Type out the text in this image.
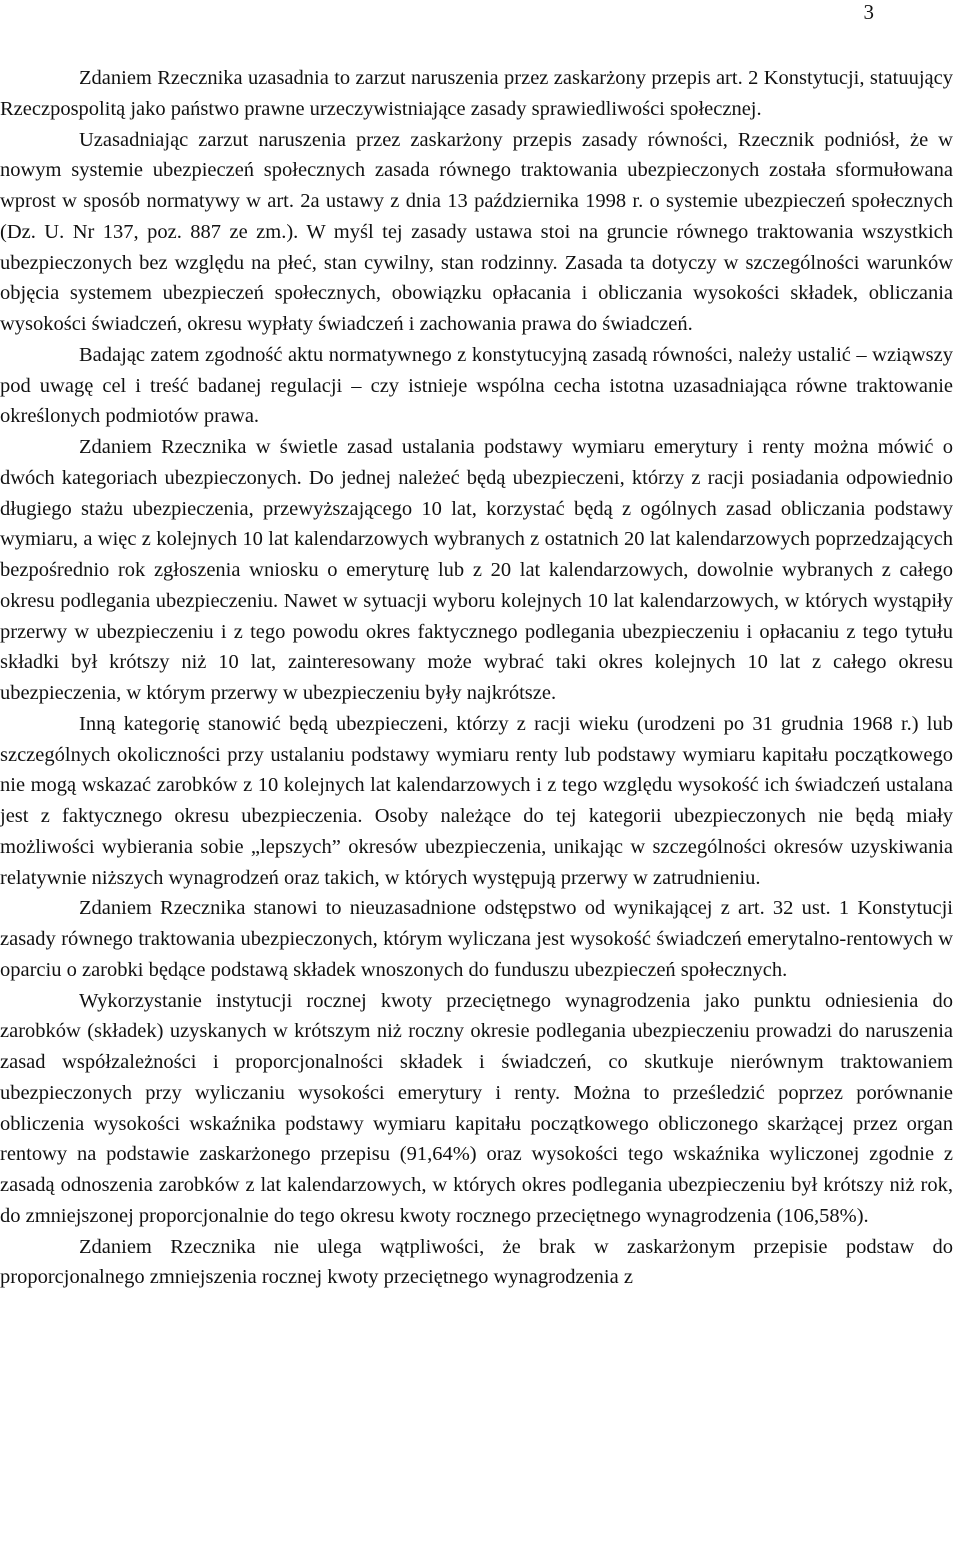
3

Zdaniem Rzecznika uzasadnia to zarzut naruszenia przez zaskarżony przepis art. 2 Konstytucji, statuujący Rzeczpospolitą jako państwo prawne urzeczywistniające zasady sprawiedliwości społecznej.

Uzasadniając zarzut naruszenia przez zaskarżony przepis zasady równości, Rzecznik podniósł, że w nowym systemie ubezpieczeń społecznych zasada równego traktowania ubezpieczonych została sformułowana wprost w sposób normatywy w art. 2a ustawy z dnia 13 października 1998 r. o systemie ubezpieczeń społecznych (Dz. U. Nr 137, poz. 887 ze zm.). W myśl tej zasady ustawa stoi na gruncie równego traktowania wszystkich ubezpieczonych bez względu na płeć, stan cywilny, stan rodzinny. Zasada ta dotyczy w szczególności warunków objęcia systemem ubezpieczeń społecznych, obowiązku opłacania i obliczania wysokości składek, obliczania wysokości świadczeń, okresu wypłaty świadczeń i zachowania prawa do świadczeń.

Badając zatem zgodność aktu normatywnego z konstytucyjną zasadą równości, należy ustalić – wziąwszy pod uwagę cel i treść badanej regulacji – czy istnieje wspólna cecha istotna uzasadniająca równe traktowanie określonych podmiotów prawa.

Zdaniem Rzecznika w świetle zasad ustalania podstawy wymiaru emerytury i renty można mówić o dwóch kategoriach ubezpieczonych. Do jednej należeć będą ubezpieczeni, którzy z racji posiadania odpowiednio długiego stażu ubezpieczenia, przewyższającego 10 lat, korzystać będą z ogólnych zasad obliczania podstawy wymiaru, a więc z kolejnych 10 lat kalendarzowych wybranych z ostatnich 20 lat kalendarzowych poprzedzających bezpośrednio rok zgłoszenia wniosku o emeryturę lub z 20 lat kalendarzowych, dowolnie wybranych z całego okresu podlegania ubezpieczeniu. Nawet w sytuacji wyboru kolejnych 10 lat kalendarzowych, w których wystąpiły przerwy w ubezpieczeniu i z tego powodu okres faktycznego podlegania ubezpieczeniu i opłacaniu z tego tytułu składki był krótszy niż 10 lat, zainteresowany może wybrać taki okres kolejnych 10 lat z całego okresu ubezpieczenia, w którym przerwy w ubezpieczeniu były najkrótsze.

Inną kategorię stanowić będą ubezpieczeni, którzy z racji wieku (urodzeni po 31 grudnia 1968 r.) lub szczególnych okoliczności przy ustalaniu podstawy wymiaru renty lub podstawy wymiaru kapitału początkowego nie mogą wskazać zarobków z 10 kolejnych lat kalendarzowych i z tego względu wysokość ich świadczeń ustalana jest z faktycznego okresu ubezpieczenia. Osoby należące do tej kategorii ubezpieczonych nie będą miały możliwości wybierania sobie „lepszych” okresów ubezpieczenia, unikając w szczególności okresów uzyskiwania relatywnie niższych wynagrodzeń oraz takich, w których występują przerwy w zatrudnieniu.

Zdaniem Rzecznika stanowi to nieuzasadnione odstępstwo od wynikającej z art. 32 ust. 1 Konstytucji zasady równego traktowania ubezpieczonych, którym wyliczana jest wysokość świadczeń emerytalno-rentowych w oparciu o zarobki będące podstawą składek wnoszonych do funduszu ubezpieczeń społecznych.

Wykorzystanie instytucji rocznej kwoty przeciętnego wynagrodzenia jako punktu odniesienia do zarobków (składek) uzyskanych w krótszym niż roczny okresie podlegania ubezpieczeniu prowadzi do naruszenia zasad współzależności i proporcjonalności składek i świadczeń, co skutkuje nierównym traktowaniem ubezpieczonych przy wyliczaniu wysokości emerytury i renty. Można to prześledzić poprzez porównanie obliczenia wysokości wskaźnika podstawy wymiaru kapitału początkowego obliczonego skarżącej przez organ rentowy na podstawie zaskarżonego przepisu (91,64%) oraz wysokości tego wskaźnika wyliczonej zgodnie z zasadą odnoszenia zarobków z lat kalendarzowych, w których okres podlegania ubezpieczeniu był krótszy niż rok, do zmniejszonej proporcjonalnie do tego okresu kwoty rocznego przeciętnego wynagrodzenia (106,58%).

Zdaniem Rzecznika nie ulega wątpliwości, że brak w zaskarżonym przepisie podstaw do proporcjonalnego zmniejszenia rocznej kwoty przeciętnego wynagrodzenia z
